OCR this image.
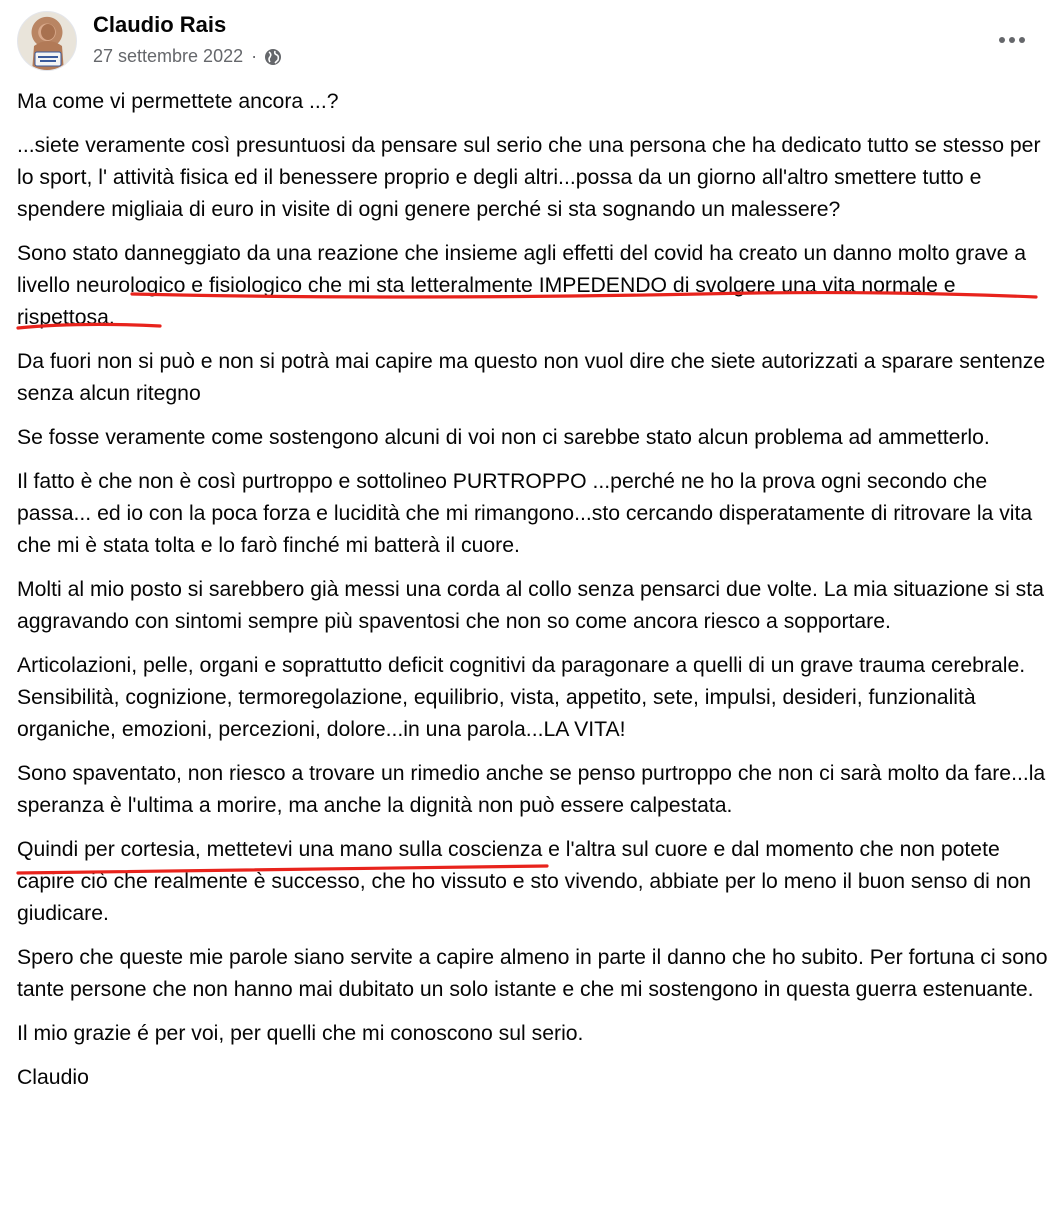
Claudio Rais
27 settembre 2022 ·

Ma come vi permettete ancora ...?

...siete veramente così presuntuosi da pensare sul serio che una persona che ha dedicato tutto se stesso per lo sport, l' attività fisica ed il benessere proprio e degli altri...possa da un giorno all'altro smettere tutto e spendere migliaia di euro in visite di ogni genere perché si sta sognando un malessere?

Sono stato danneggiato da una reazione che insieme agli effetti del covid ha creato un danno molto grave a livello neurologico e fisiologico che mi sta letteralmente IMPEDENDO di svolgere una vita normale e rispettosa.

Da fuori non si può e non si potrà mai capire ma questo non vuol dire che siete autorizzati a sparare sentenze senza alcun ritegno

Se fosse veramente come sostengono alcuni di voi non ci sarebbe stato alcun problema ad ammetterlo.

Il fatto è che non è così purtroppo e sottolineo PURTROPPO ...perché ne ho la prova ogni secondo che passa... ed io con la poca forza e lucidità che mi rimangono...sto cercando disperatamente di ritrovare la vita che mi è stata tolta e lo farò finché mi batterà il cuore.

Molti al mio posto si sarebbero già messi una corda al collo senza pensarci due volte. La mia situazione si sta aggravando con sintomi sempre più spaventosi che non so come ancora riesco a sopportare.

Articolazioni, pelle, organi e soprattutto deficit cognitivi da paragonare a quelli di un grave trauma cerebrale. Sensibilità, cognizione, termoregolazione, equilibrio, vista, appetito, sete, impulsi, desideri, funzionalità organiche, emozioni, percezioni, dolore...in una parola...LA VITA!

Sono spaventato, non riesco a trovare un rimedio anche se penso purtroppo che non ci sarà molto da fare...la speranza è l'ultima a morire, ma anche la dignità non può essere calpestata.

Quindi per cortesia, mettetevi una mano sulla coscienza e l'altra sul cuore e dal momento che non potete capire ciò che realmente è successo, che ho vissuto e sto vivendo, abbiate per lo meno il buon senso di non giudicare.

Spero che queste mie parole siano servite a capire almeno in parte il danno che ho subito. Per fortuna ci sono tante persone che non hanno mai dubitato un solo istante e che mi sostengono in questa guerra estenuante.

Il mio grazie é per voi, per quelli che mi conoscono sul serio.

Claudio
